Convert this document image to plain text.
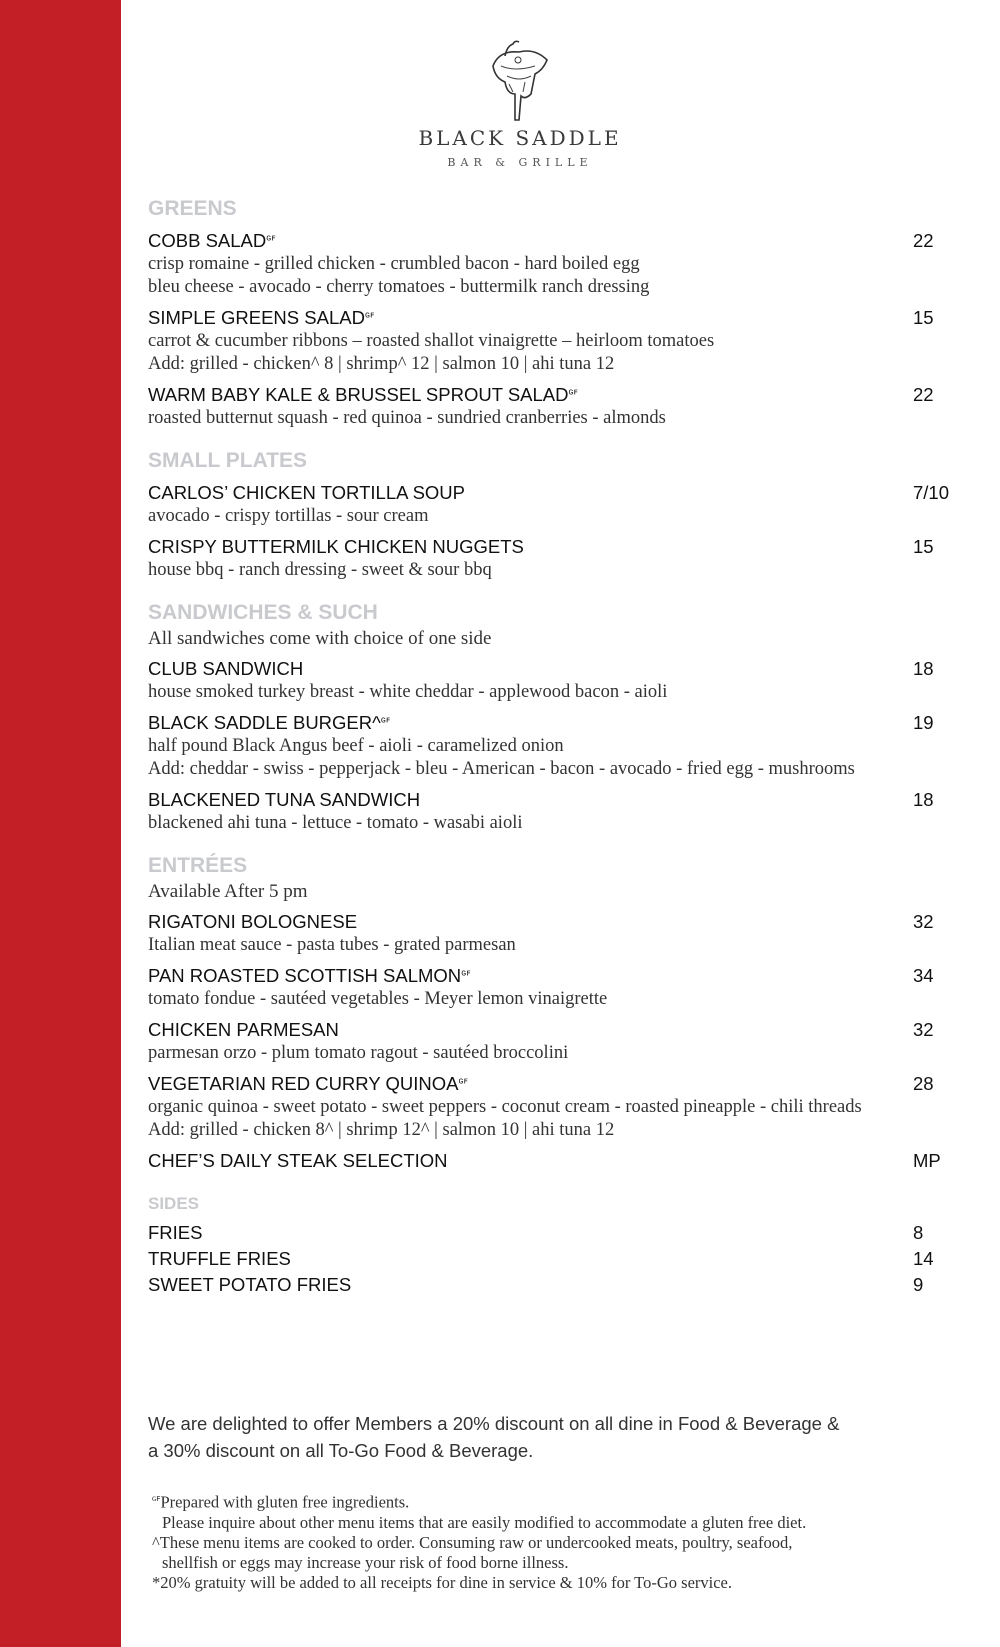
BLACK SADDLE
BAR & GRILLE
GREENS
COBB $SALAD^{ɢꜰ}$	22
crisp romaine - grilled chicken - crumbled bacon - hard boiled egg
bleu cheese - avocado - cherry tomatoes - buttermilk ranch dressing
SIMPLE GREENS $SALAD^{ɢꜰ}$	15
carrot & cucumber ribbons – roasted shallot vinaigrette – heirloom tomatoes
Add: grilled - chicken^ 8 | shrimp^ 12 | salmon 10 | ahi tuna 12
WARM BABY KALE & BRUSSEL SPROUT $SALAD^{ɢꜰ}$	22
roasted butternut squash - red quinoa - sundried cranberries - almonds
SMALL PLATES
CARLOS’ CHICKEN TORTILLA SOUP	7/10
avocado - crispy tortillas - sour cream
CRISPY BUTTERMILK CHICKEN NUGGETS	15
house bbq - ranch dressing - sweet & sour bbq
SANDWICHES & SUCH
All sandwiches come with choice of one side
CLUB SANDWICH	18
house smoked turkey breast - white cheddar - applewood bacon - aioli
BLACK SADDLE BURGER^$^{ɢꜰ}$	19
half pound Black Angus beef - aioli - caramelized onion
Add: cheddar - swiss - pepperjack - bleu - American - bacon - avocado - fried egg - mushrooms
BLACKENED TUNA SANDWICH	18
blackened ahi tuna - lettuce - tomato - wasabi aioli
ENTRÉES
Available After 5 pm
RIGATONI BOLOGNESE	32
Italian meat sauce - pasta tubes - grated parmesan
PAN ROASTED SCOTTISH $SALMON^{ɢꜰ}$	34
tomato fondue - sautéed vegetables - Meyer lemon vinaigrette
CHICKEN PARMESAN	32
parmesan orzo - plum tomato ragout - sautéed broccolini
VEGETARIAN RED CURRY $QUINOA^{ɢꜰ}$	28
organic quinoa - sweet potato - sweet peppers - coconut cream - roasted pineapple - chili threads
Add: grilled - chicken 8^ | shrimp 12^ | salmon 10 | ahi tuna 12
CHEF’S DAILY STEAK SELECTION	MP
SIDES
FRIES	8
TRUFFLE FRIES	14
SWEET POTATO FRIES	9
We are delighted to offer Members a 20% discount on all dine in Food & Beverage &
a 30% discount on all To-Go Food & Beverage.
$^{ɢꜰ}$Prepared with gluten free ingredients.
Please inquire about other menu items that are easily modified to accommodate a gluten free diet.
^These menu items are cooked to order. Consuming raw or undercooked meats, poultry, seafood,
shellfish or eggs may increase your risk of food borne illness.
*20% gratuity will be added to all receipts for dine in service & 10% for To-Go service.
